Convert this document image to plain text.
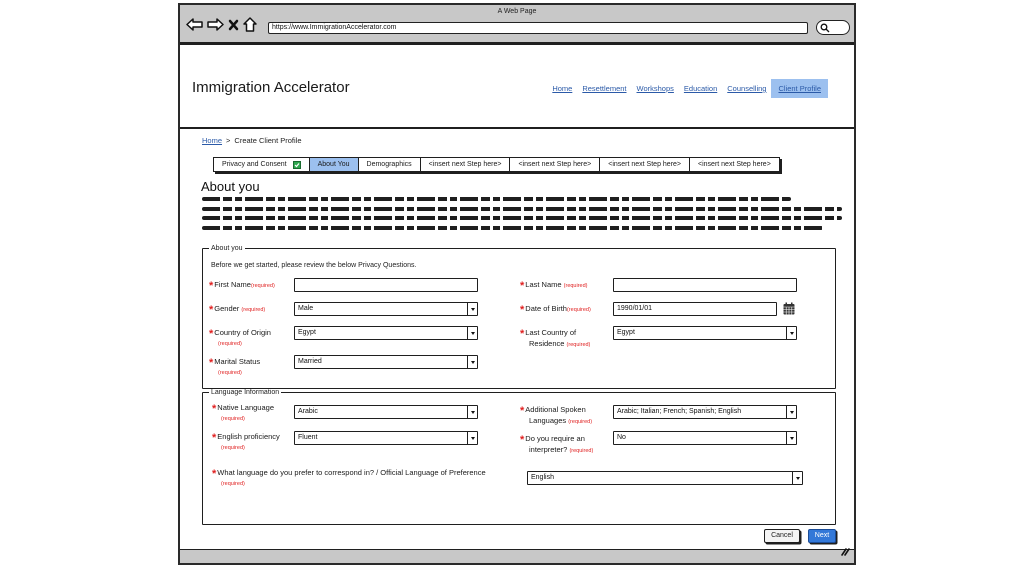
A Web Page
https://www.ImmigrationAccelerator.com
Immigration Accelerator	Home	Resettlement	Workshops	Education	Counselling	Client Profile
Home > Create Client Profile
Privacy and Consent	About You	Demographics	<insert next Step here>	<insert next Step here>	<insert next Step here>	<insert next Step here>
About you
About you
Before we get started, please review the below Privacy Questions.
*First Name(required)	*Last Name (required)
*Gender (required)	Male	*Date of Birth(required)	1990/01/01
*Country of Origin
(required)
Egypt	*Last Country of
Residence (required)
Egypt
*Marital Status
(required)
Married
Language Information
*Native Language
(required)
Arabic	*Additional Spoken
Languages (required)
Arabic; Italian; French; Spanish; English
*English proficiency
(required)
Fluent	*Do you require an
interpreter? (required)
No
*What language do you prefer to correspond in? / Official Language of Preference
(required)
English
Cancel	Next
